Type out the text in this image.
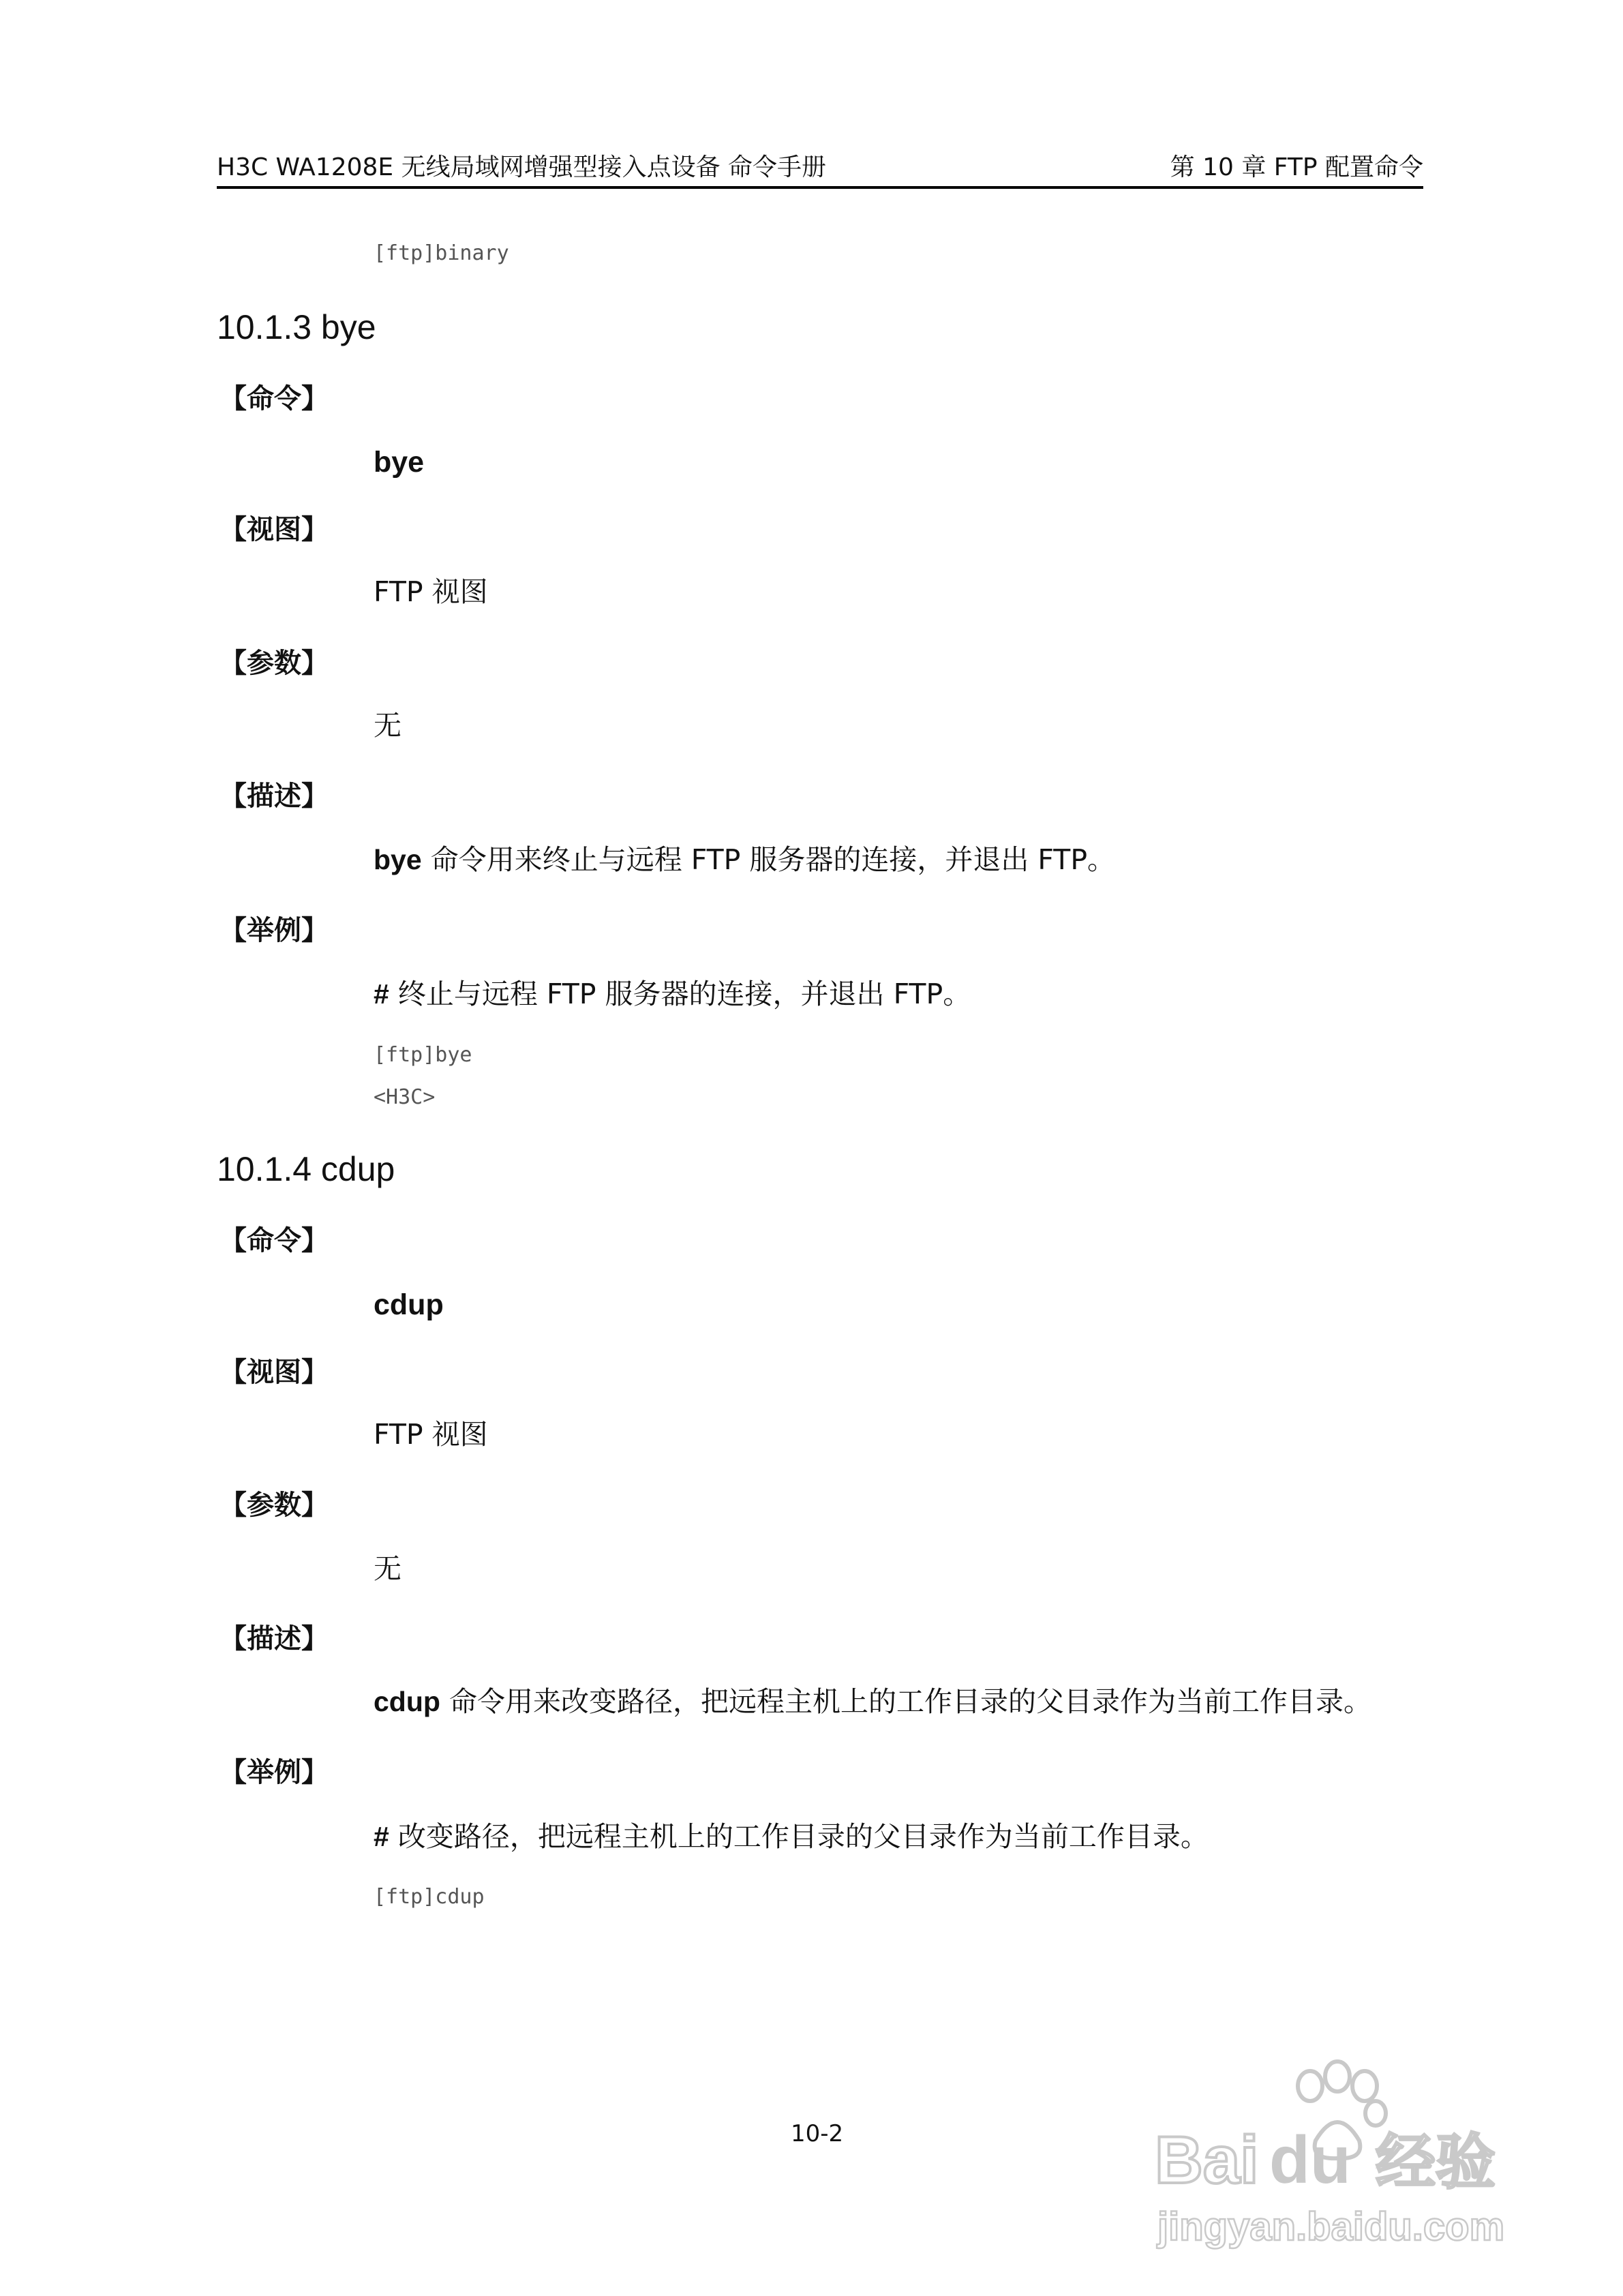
H3C WA1208E 无线局域网增强型接入点设备 命令手册	第 10 章 FTP 配置命令
[ftp]binary
10.1.3 bye
【命令】
bye
【视图】
FTP 视图
【参数】
无
【描述】
bye 命令用来终止与远程 FTP 服务器的连接，并退出 FTP。
【举例】
# 终止与远程 FTP 服务器的连接，并退出 FTP。
[ftp]bye
<H3C>
10.1.4 cdup
【命令】
cdup
【视图】
FTP 视图
【参数】
无
【描述】
cdup 命令用来改变路径，把远程主机上的工作目录的父目录作为当前工作目录。
【举例】
# 改变路径，把远程主机上的工作目录的父目录作为当前工作目录。
[ftp]cdup
10-2	Bai du 经验
jingyan.baidu.com
